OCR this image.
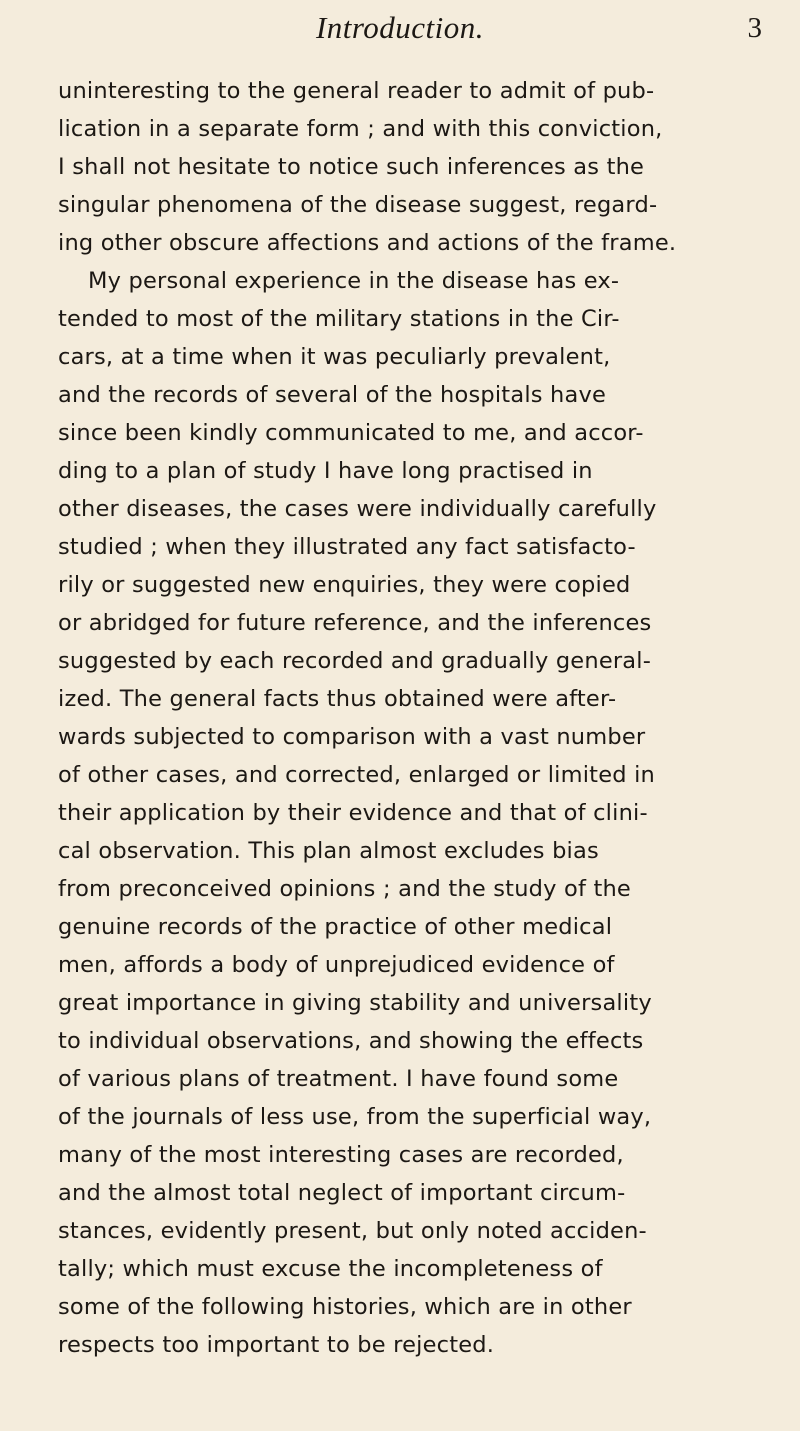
Introduction.	3
uninteresting to the general reader to admit of pub-
lication in a separate form ; and with this conviction,
I shall not hesitate to notice such inferences as the
singular phenomena of the disease suggest, regard-
ing other obscure affections and actions of the frame.
My personal experience in the disease has ex-
tended to most of the military stations in the Cir-
cars, at a time when it was peculiarly prevalent,
and the records of several of the hospitals have
since been kindly communicated to me, and accor-
ding to a plan of study I have long practised in
other diseases, the cases were individually carefully
studied ; when they illustrated any fact satisfacto-
rily or suggested new enquiries, they were copied
or abridged for future reference, and the inferences
suggested by each recorded and gradually general-
ized. The general facts thus obtained were after-
wards subjected to comparison with a vast number
of other cases, and corrected, enlarged or limited in
their application by their evidence and that of clini-
cal observation. This plan almost excludes bias
from preconceived opinions ; and the study of the
genuine records of the practice of other medical
men, affords a body of unprejudiced evidence of
great importance in giving stability and universality
to individual observations, and showing the effects
of various plans of treatment. I have found some
of the journals of less use, from the superficial way,
many of the most interesting cases are recorded,
and the almost total neglect of important circum-
stances, evidently present, but only noted acciden-
tally; which must excuse the incompleteness of
some of the following histories, which are in other
respects too important to be rejected.
